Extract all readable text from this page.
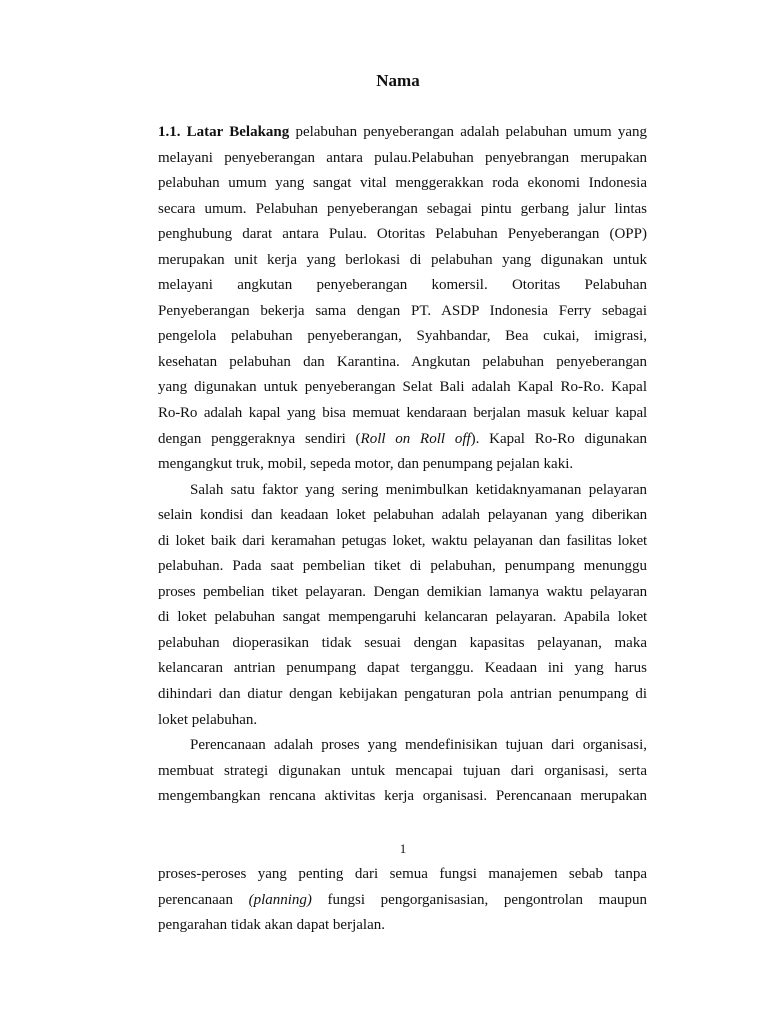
Nama
1.1. Latar Belakang pelabuhan penyeberangan adalah pelabuhan umum yang
melayani penyeberangan antara pulau.Pelabuhan penyebrangan merupakan
pelabuhan umum yang sangat vital menggerakkan roda ekonomi Indonesia
secara umum. Pelabuhan penyeberangan sebagai pintu gerbang jalur lintas
penghubung darat antara Pulau. Otoritas Pelabuhan Penyeberangan (OPP)
merupakan unit kerja yang berlokasi di pelabuhan yang digunakan untuk
melayani angkutan penyeberangan komersil. Otoritas Pelabuhan
Penyeberangan bekerja sama dengan PT. ASDP Indonesia Ferry sebagai
pengelola pelabuhan penyeberangan, Syahbandar, Bea cukai, imigrasi,
kesehatan pelabuhan dan Karantina. Angkutan pelabuhan penyeberangan
yang digunakan untuk penyeberangan Selat Bali adalah Kapal Ro-Ro. Kapal
Ro-Ro adalah kapal yang bisa memuat kendaraan berjalan masuk keluar kapal
dengan penggeraknya sendiri (Roll on Roll off). Kapal Ro-Ro digunakan
mengangkut truk, mobil, sepeda motor, dan penumpang pejalan kaki.
Salah satu faktor yang sering menimbulkan ketidaknyamanan pelayaran
selain kondisi dan keadaan loket pelabuhan adalah pelayanan yang diberikan
di loket baik dari keramahan petugas loket, waktu pelayanan dan fasilitas loket
pelabuhan. Pada saat pembelian tiket di pelabuhan, penumpang menunggu
proses pembelian tiket pelayaran. Dengan demikian lamanya waktu pelayaran
di loket pelabuhan sangat mempengaruhi kelancaran pelayaran. Apabila loket
pelabuhan dioperasikan tidak sesuai dengan kapasitas pelayanan, maka
kelancaran antrian penumpang dapat terganggu. Keadaan ini yang harus
dihindari dan diatur dengan kebijakan pengaturan pola antrian penumpang di
loket pelabuhan.
Perencanaan adalah proses yang mendefinisikan tujuan dari organisasi,
membuat strategi digunakan untuk mencapai tujuan dari organisasi, serta
mengembangkan rencana aktivitas kerja organisasi. Perencanaan merupakan
1
proses-peroses yang penting dari semua fungsi manajemen sebab tanpa
perencanaan (planning) fungsi pengorganisasian, pengontrolan maupun
pengarahan tidak akan dapat berjalan.
